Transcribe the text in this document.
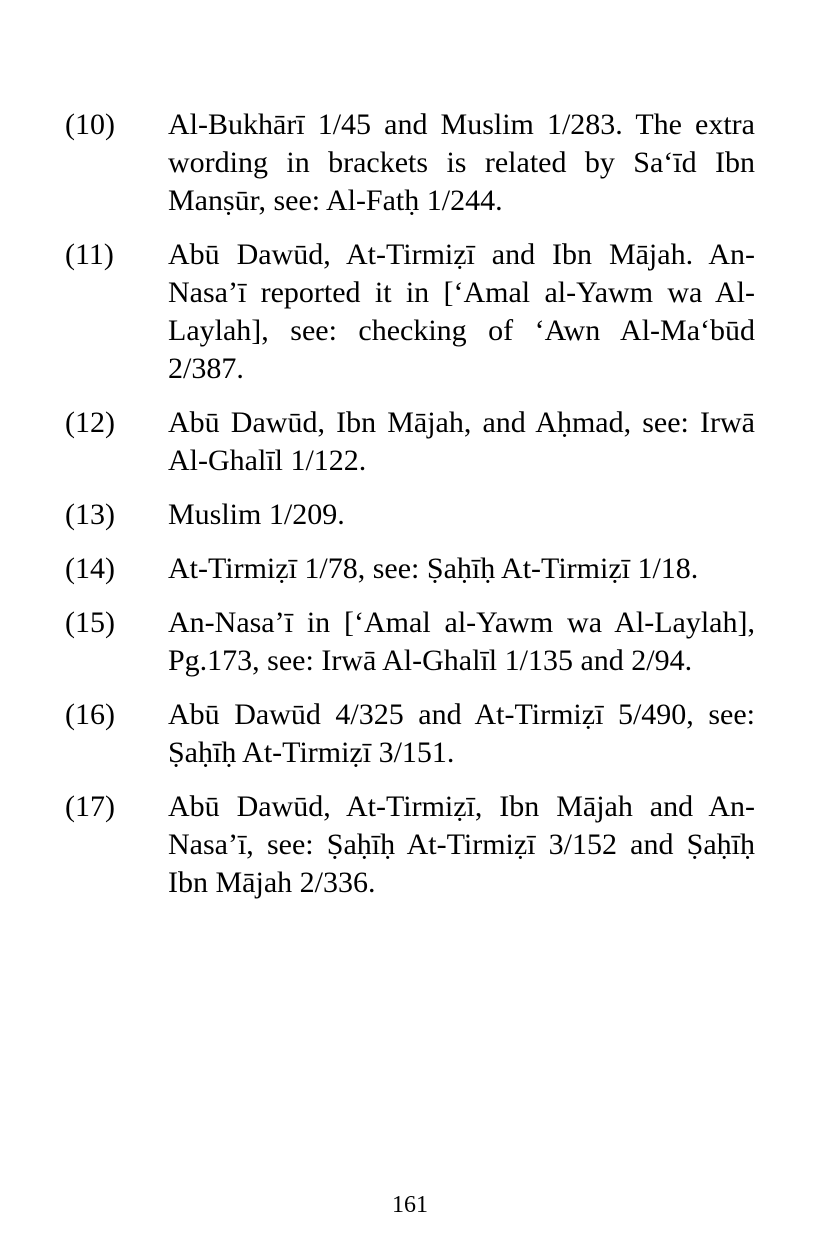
(10)	Al-Bukhārī 1/45 and Muslim 1/283. The extra wording in brackets is related by Sa‘īd Ibn Manṣūr, see: Al-Fatḥ 1/244.
(11)	Abū Dawūd, At-Tirmiẓī and Ibn Mājah. An-Nasa’ī reported it in [‘Amal al-Yawm wa Al-Laylah], see: checking of ‘Awn Al-Ma‘būd 2/387.
(12)	Abū Dawūd, Ibn Mājah, and Aḥmad, see: Irwā Al-Ghalīl 1/122.
(13)	Muslim 1/209.
(14)	At-Tirmiẓī 1/78, see: Ṣaḥīḥ At-Tirmiẓī 1/18.
(15)	An-Nasa’ī in [‘Amal al-Yawm wa Al-Laylah], Pg.173, see: Irwā Al-Ghalīl 1/135 and 2/94.
(16)	Abū Dawūd 4/325 and At-Tirmiẓī 5/490, see: Ṣaḥīḥ At-Tirmiẓī 3/151.
(17)	Abū Dawūd, At-Tirmiẓī, Ibn Mājah and An-Nasa’ī, see: Ṣaḥīḥ At-Tirmiẓī 3/152 and Ṣaḥīḥ Ibn Mājah 2/336.
161
